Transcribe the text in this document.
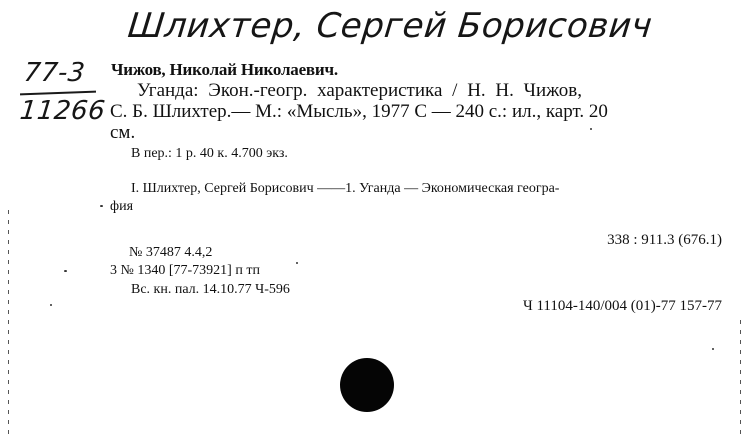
Шлихтер, Сергей Борисович
77-3
11266
Чижов, Николай Николаевич.
Уганда: Экон.-геогр. характеристика / Н. Н. Чижов,
С. Б. Шлихтер.— М.: «Мысль», 1977 С — 240 с.: ил., карт. 20
см.
В пер.: 1 р. 40 к. 4.700 экз.
I. Шлихтер, Сергей Борисович ——1. Уганда — Экономическая геогра-
фия
338 : 911.3 (676.1)
№ 37487 4.4,2
3 № 1340 [77-73921] п тп
Вс. кн. пал. 14.10.77 Ч-596
Ч 11104-140/004 (01)-77 157-77
